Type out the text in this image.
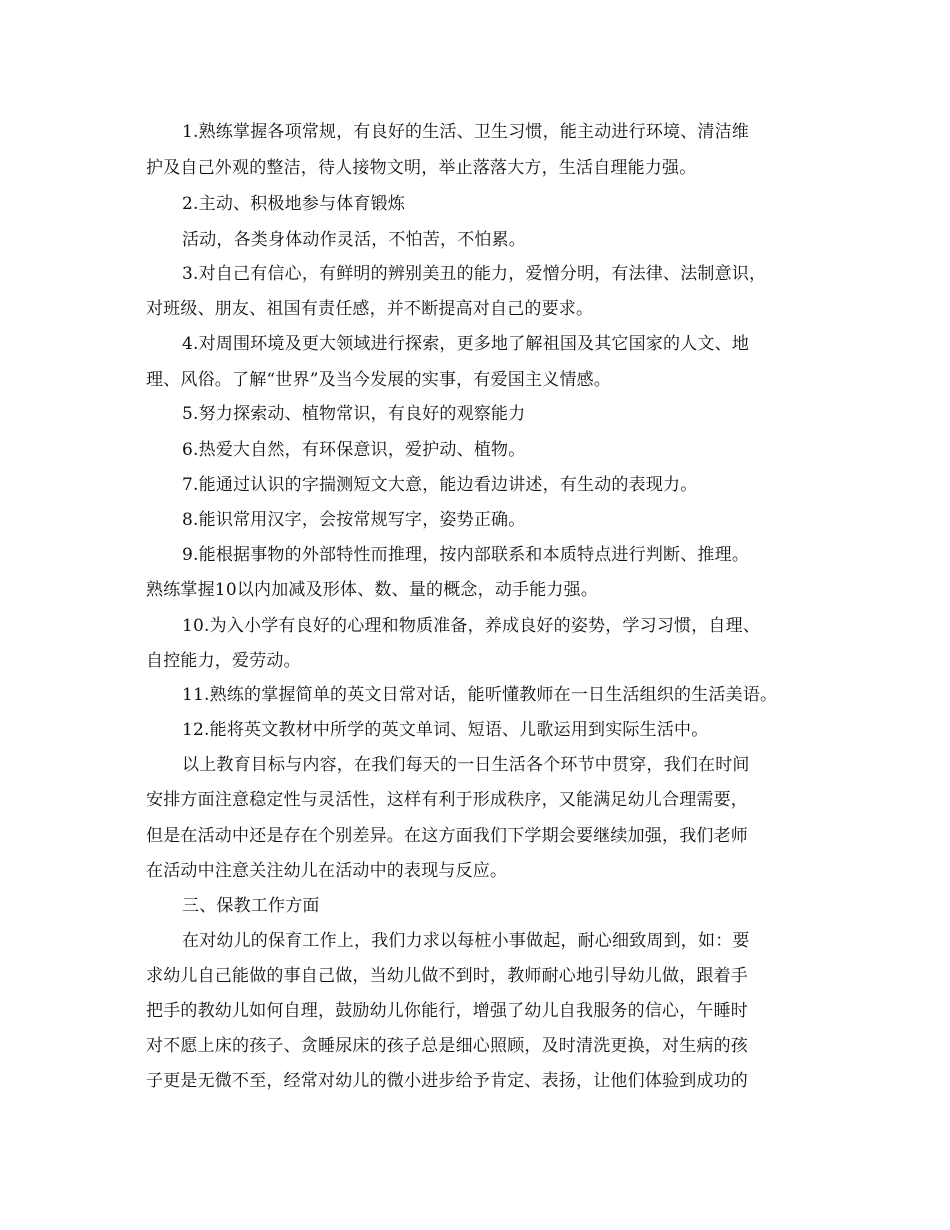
1.熟练掌握各项常规，有良好的生活、卫生习惯，能主动进行环境、清洁维
护及自己外观的整洁，待人接物文明，举止落落大方，生活自理能力强。
2.主动、积极地参与体育锻炼
活动，各类身体动作灵活，不怕苦，不怕累。
3.对自己有信心，有鲜明的辨别美丑的能力，爱憎分明，有法律、法制意识，
对班级、朋友、祖国有责任感，并不断提高对自己的要求。
4.对周围环境及更大领域进行探索，更多地了解祖国及其它国家的人文、地
理、风俗。了解“世界”及当今发展的实事，有爱国主义情感。
5.努力探索动、植物常识，有良好的观察能力
6.热爱大自然，有环保意识，爱护动、植物。
7.能通过认识的字揣测短文大意，能边看边讲述，有生动的表现力。
8.能识常用汉字，会按常规写字，姿势正确。
9.能根据事物的外部特性而推理，按内部联系和本质特点进行判断、推理。
熟练掌握10以内加减及形体、数、量的概念，动手能力强。
10.为入小学有良好的心理和物质准备，养成良好的姿势，学习习惯，自理、
自控能力，爱劳动。
11.熟练的掌握简单的英文日常对话，能听懂教师在一日生活组织的生活美语。
12.能将英文教材中所学的英文单词、短语、儿歌运用到实际生活中。
以上教育目标与内容，在我们每天的一日生活各个环节中贯穿，我们在时间
安排方面注意稳定性与灵活性，这样有利于形成秩序，又能满足幼儿合理需要，
但是在活动中还是存在个别差异。在这方面我们下学期会要继续加强，我们老师
在活动中注意关注幼儿在活动中的表现与反应。
三、保教工作方面
在对幼儿的保育工作上，我们力求以每桩小事做起，耐心细致周到，如：要
求幼儿自己能做的事自己做，当幼儿做不到时，教师耐心地引导幼儿做，跟着手
把手的教幼儿如何自理，鼓励幼儿你能行，增强了幼儿自我服务的信心，午睡时
对不愿上床的孩子、贪睡尿床的孩子总是细心照顾，及时清洗更换，对生病的孩
子更是无微不至，经常对幼儿的微小进步给予肯定、表扬，让他们体验到成功的
